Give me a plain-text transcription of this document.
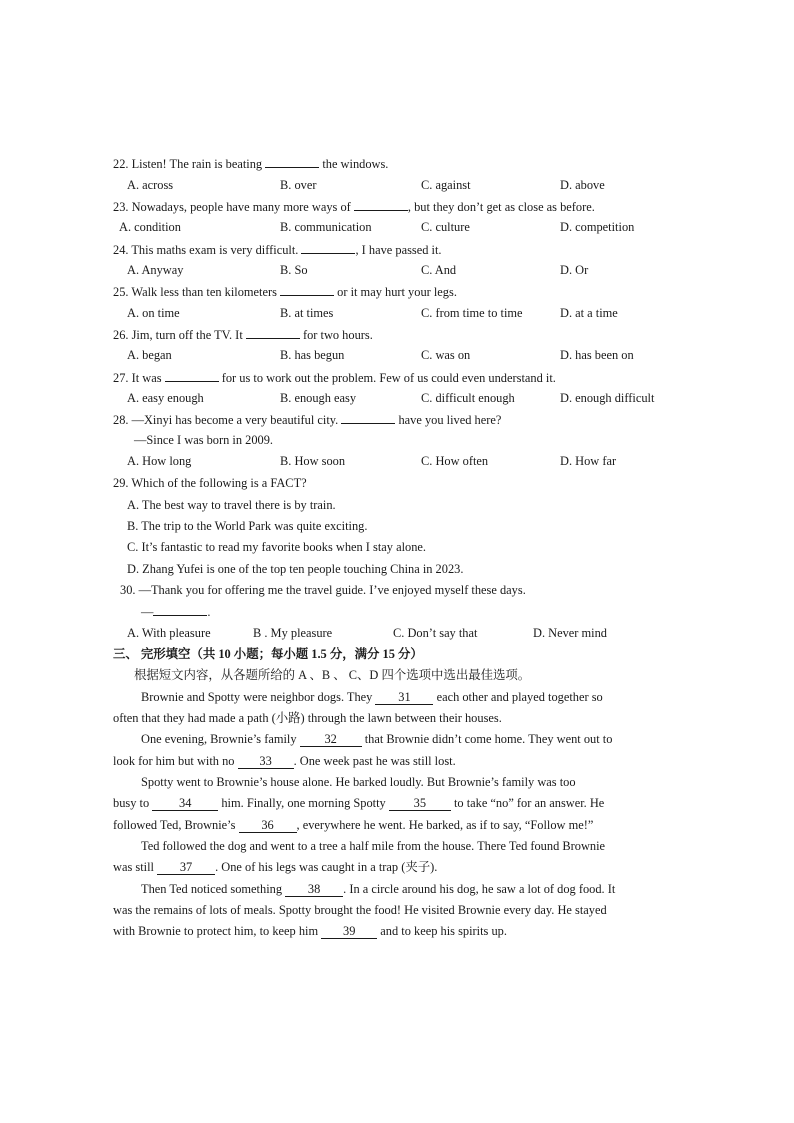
22. Listen! The rain is beating	the windows.
A. across	B. over	C. against	D. above
23. Nowadays, people have many more ways of	, but they don’t get as close as before.
A. condition	B. communication	C. culture	D. competition
24. This maths exam is very difficult.	, I have passed it.
A. Anyway	B. So	C. And	D. Or
25. Walk less than ten kilometers	or it may hurt your legs.
A. on time	B. at times	C. from time to time	D. at a time
26. Jim, turn off the TV. It	for two hours.
A. began	B. has begun	C. was on	D. has been on
27. It was	for us to work out the problem. Few of us could even understand it.
A. easy enough	B. enough easy	C. difficult enough	D. enough difficult
28. —Xinyi has become a very beautiful city.	have you lived here?
—Since I was born in 2009.
A. How long	B. How soon	C. How often	D. How far
29. Which of the following is a FACT?
A. The best way to travel there is by train.
B. The trip to the World Park was quite exciting.
C. It’s fantastic to read my favorite books when I stay alone.
D. Zhang Yufei is one of the top ten people touching China in 2023.
30. —Thank you for offering me the travel guide. I’ve enjoyed myself these days.
—	.
A. With pleasure	B . My pleasure	C. Don’t say that	D. Never mind
三、 完形填空（共 10 小题；每小题 1.5 分，满分 15 分）
根据短文内容，从各题所给的 A 、B 、 C、D 四个选项中选出最佳选项。
Brownie and Spotty were neighbor dogs. They 31 each other and played together so
often that they had made a path (小路) through the lawn between their houses.
One evening, Brownie’s family 32 that Brownie didn’t come home. They went out to
look for him but with no 33 . One week past he was still lost.
Spotty went to Brownie’s house alone. He barked loudly. But Brownie’s family was too
busy to 34 him. Finally, one morning Spotty 35 to take “no” for an answer. He
followed Ted, Brownie’s 36 , everywhere he went. He barked, as if to say, “Follow me!”
Ted followed the dog and went to a tree a half mile from the house. There Ted found Brownie
was still 37 . One of his legs was caught in a trap (夹子).
Then Ted noticed something 38 . In a circle around his dog, he saw a lot of dog food. It
was the remains of lots of meals. Spotty brought the food! He visited Brownie every day. He stayed
with Brownie to protect him, to keep him 39 and to keep his spirits up.
